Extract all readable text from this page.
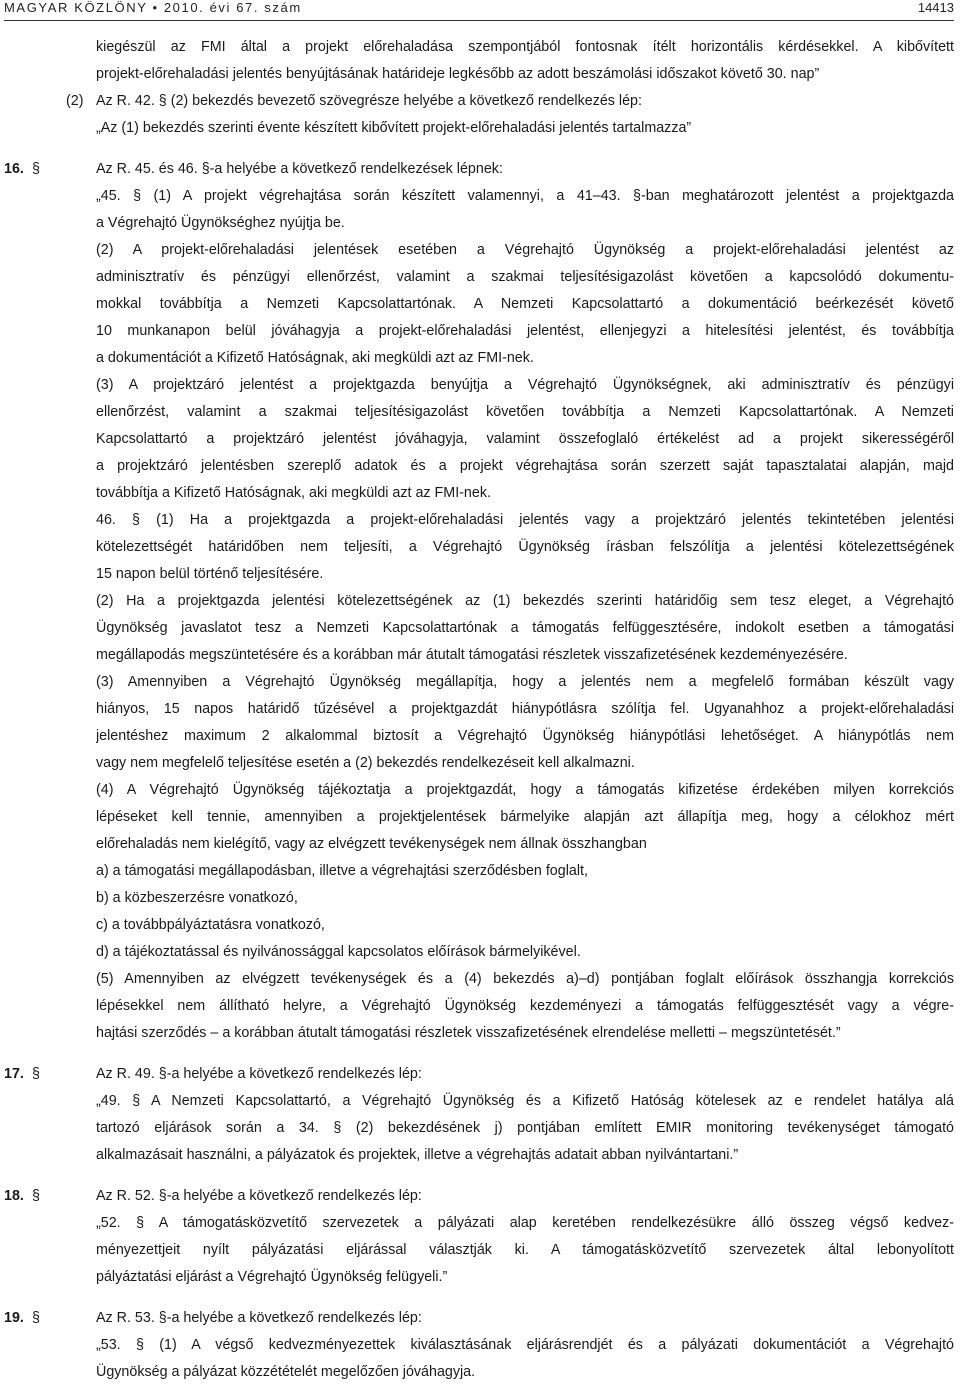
MAGYAR KÖZLÖNY • 2010. évi 67. szám	14413
kiegészül az FMI által a projekt előrehaladása szempontjából fontosnak ítélt horizontális kérdésekkel. A kibővített
projekt-előrehaladási jelentés benyújtásának határideje legkésőbb az adott beszámolási időszakot követő 30. nap”
(2) Az R. 42. § (2) bekezdés bevezető szövegrésze helyébe a következő rendelkezés lép:
„Az (1) bekezdés szerinti évente készített kibővített projekt-előrehaladási jelentés tartalmazza”
16. §	Az R. 45. és 46. §-a helyébe a következő rendelkezések lépnek:
„45. § (1) A projekt végrehajtása során készített valamennyi, a 41–43. §-ban meghatározott jelentést a projektgazda
a Végrehajtó Ügynökséghez nyújtja be.
(2) A projekt-előrehaladási jelentések esetében a Végrehajtó Ügynökség a projekt-előrehaladási jelentést az
adminisztratív és pénzügyi ellenőrzést, valamint a szakmai teljesítésigazolást követően a kapcsolódó dokumentu-
mokkal továbbítja a Nemzeti Kapcsolattartónak. A Nemzeti Kapcsolattartó a dokumentáció beérkezését követő
10 munkanapon belül jóváhagyja a projekt-előrehaladási jelentést, ellenjegyzi a hitelesítési jelentést, és továbbítja
a dokumentációt a Kifizető Hatóságnak, aki megküldi azt az FMI-nek.
(3) A projektzáró jelentést a projektgazda benyújtja a Végrehajtó Ügynökségnek, aki adminisztratív és pénzügyi
ellenőrzést, valamint a szakmai teljesítésigazolást követően továbbítja a Nemzeti Kapcsolattartónak. A Nemzeti
Kapcsolattartó a projektzáró jelentést jóváhagyja, valamint összefoglaló értékelést ad a projekt sikerességéről
a projektzáró jelentésben szereplő adatok és a projekt végrehajtása során szerzett saját tapasztalatai alapján, majd
továbbítja a Kifizető Hatóságnak, aki megküldi azt az FMI-nek.
46. § (1) Ha a projektgazda a projekt-előrehaladási jelentés vagy a projektzáró jelentés tekintetében jelentési
kötelezettségét határidőben nem teljesíti, a Végrehajtó Ügynökség írásban felszólítja a jelentési kötelezettségének
15 napon belül történő teljesítésére.
(2) Ha a projektgazda jelentési kötelezettségének az (1) bekezdés szerinti határidőig sem tesz eleget, a Végrehajtó
Ügynökség javaslatot tesz a Nemzeti Kapcsolattartónak a támogatás felfüggesztésére, indokolt esetben a támogatási
megállapodás megszüntetésére és a korábban már átutalt támogatási részletek visszafizetésének kezdeményezésére.
(3) Amennyiben a Végrehajtó Ügynökség megállapítja, hogy a jelentés nem a megfelelő formában készült vagy
hiányos, 15 napos határidő tűzésével a projektgazdát hiánypótlásra szólítja fel. Ugyanahhoz a projekt-előrehaladási
jelentéshez maximum 2 alkalommal biztosít a Végrehajtó Ügynökség hiánypótlási lehetőséget. A hiánypótlás nem
vagy nem megfelelő teljesítése esetén a (2) bekezdés rendelkezéseit kell alkalmazni.
(4) A Végrehajtó Ügynökség tájékoztatja a projektgazdát, hogy a támogatás kifizetése érdekében milyen korrekciós
lépéseket kell tennie, amennyiben a projektjelentések bármelyike alapján azt állapítja meg, hogy a célokhoz mért
előrehaladás nem kielégítő, vagy az elvégzett tevékenységek nem állnak összhangban
a) a támogatási megállapodásban, illetve a végrehajtási szerződésben foglalt,
b) a közbeszerzésre vonatkozó,
c) a továbbpályáztatásra vonatkozó,
d) a tájékoztatással és nyilvánossággal kapcsolatos előírások bármelyikével.
(5) Amennyiben az elvégzett tevékenységek és a (4) bekezdés a)–d) pontjában foglalt előírások összhangja korrekciós
lépésekkel nem állítható helyre, a Végrehajtó Ügynökség kezdeményezi a támogatás felfüggesztését vagy a végre-
hajtási szerződés – a korábban átutalt támogatási részletek visszafizetésének elrendelése melletti – megszüntetését.”
17. §	Az R. 49. §-a helyébe a következő rendelkezés lép:
„49. § A Nemzeti Kapcsolattartó, a Végrehajtó Ügynökség és a Kifizető Hatóság kötelesek az e rendelet hatálya alá
tartozó eljárások során a 34. § (2) bekezdésének j) pontjában említett EMIR monitoring tevékenységet támogató
alkalmazásait használni, a pályázatok és projektek, illetve a végrehajtás adatait abban nyilvántartani.”
18. §	Az R. 52. §-a helyébe a következő rendelkezés lép:
„52. § A támogatásközvetítő szervezetek a pályázati alap keretében rendelkezésükre álló összeg végső kedvez-
ményezettjeit nyílt pályázatási eljárással választják ki. A támogatásközvetítő szervezetek által lebonyolított
pályáztatási eljárást a Végrehajtó Ügynökség felügyeli.”
19. §	Az R. 53. §-a helyébe a következő rendelkezés lép:
„53. § (1) A végső kedvezményezettek kiválasztásának eljárásrendjét és a pályázati dokumentációt a Végrehajtó
Ügynökség a pályázat közzétételét megelőzően jóváhagyja.
